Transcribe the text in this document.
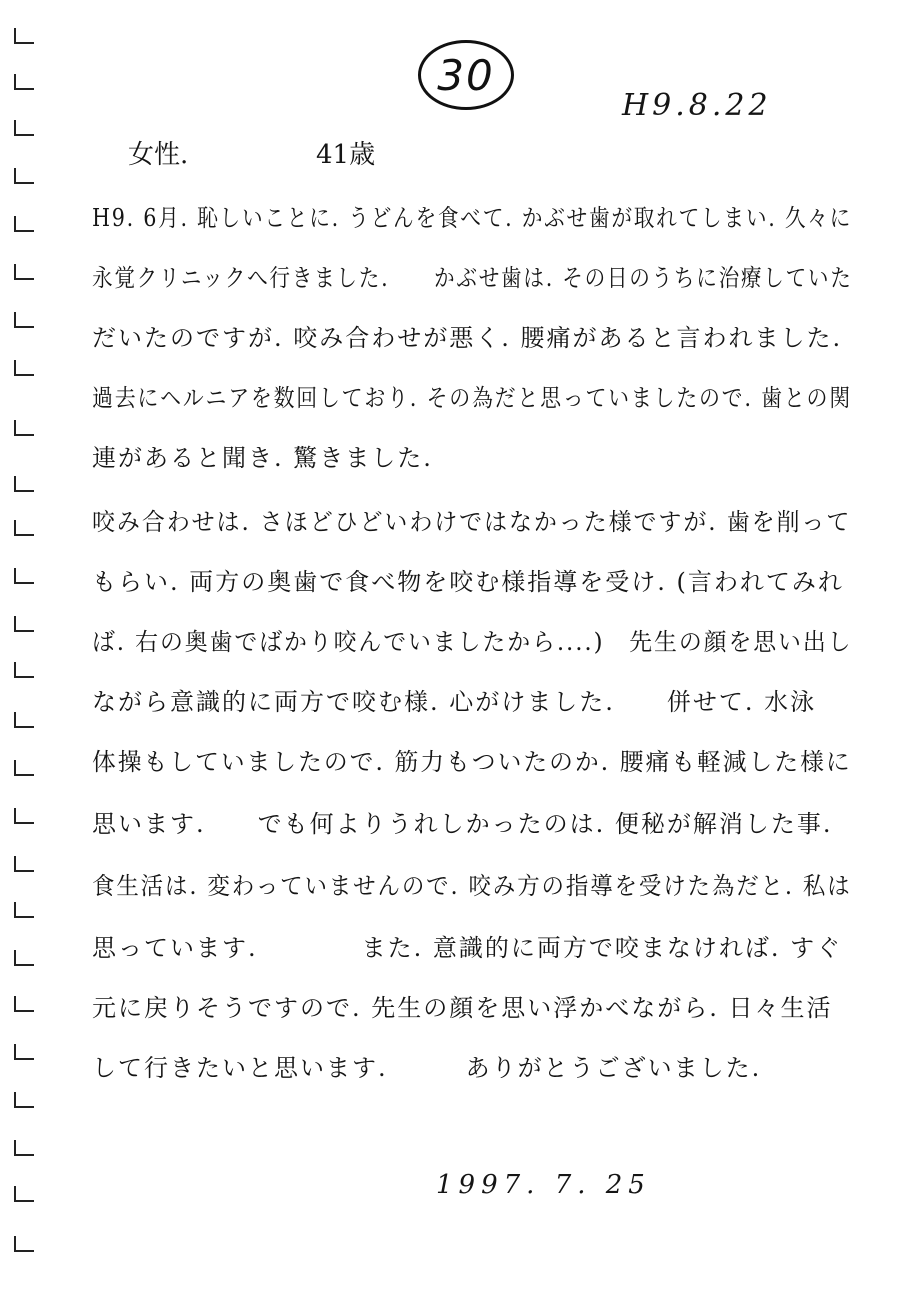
30
H9.8.22
女性.	41歳
H9. 6月. 恥しいことに. うどんを食べて. かぶせ歯が取れてしまい. 久々に
永覚クリニックへ行きました.　　かぶせ歯は. その日のうちに治療していた
だいたのですが. 咬み合わせが悪く. 腰痛があると言われました.
過去にヘルニアを数回しており. その為だと思っていましたので. 歯との関
連があると聞き. 驚きました.
咬み合わせは. さほどひどいわけではなかった様ですが. 歯を削って
もらい. 両方の奥歯で食べ物を咬む様指導を受け. (言われてみれ
ば. 右の奥歯でばかり咬んでいましたから....)　先生の顔を思い出し
ながら意識的に両方で咬む様. 心がけました.　　併せて. 水泳
体操もしていましたので. 筋力もついたのか. 腰痛も軽減した様に
思います.　　でも何よりうれしかったのは. 便秘が解消した事.
食生活は. 変わっていませんので. 咬み方の指導を受けた為だと. 私は
思っています.　　　　また. 意識的に両方で咬まなければ. すぐ
元に戻りそうですので. 先生の顔を思い浮かべながら. 日々生活
して行きたいと思います.　　　ありがとうございました.
1997. 7. 25
